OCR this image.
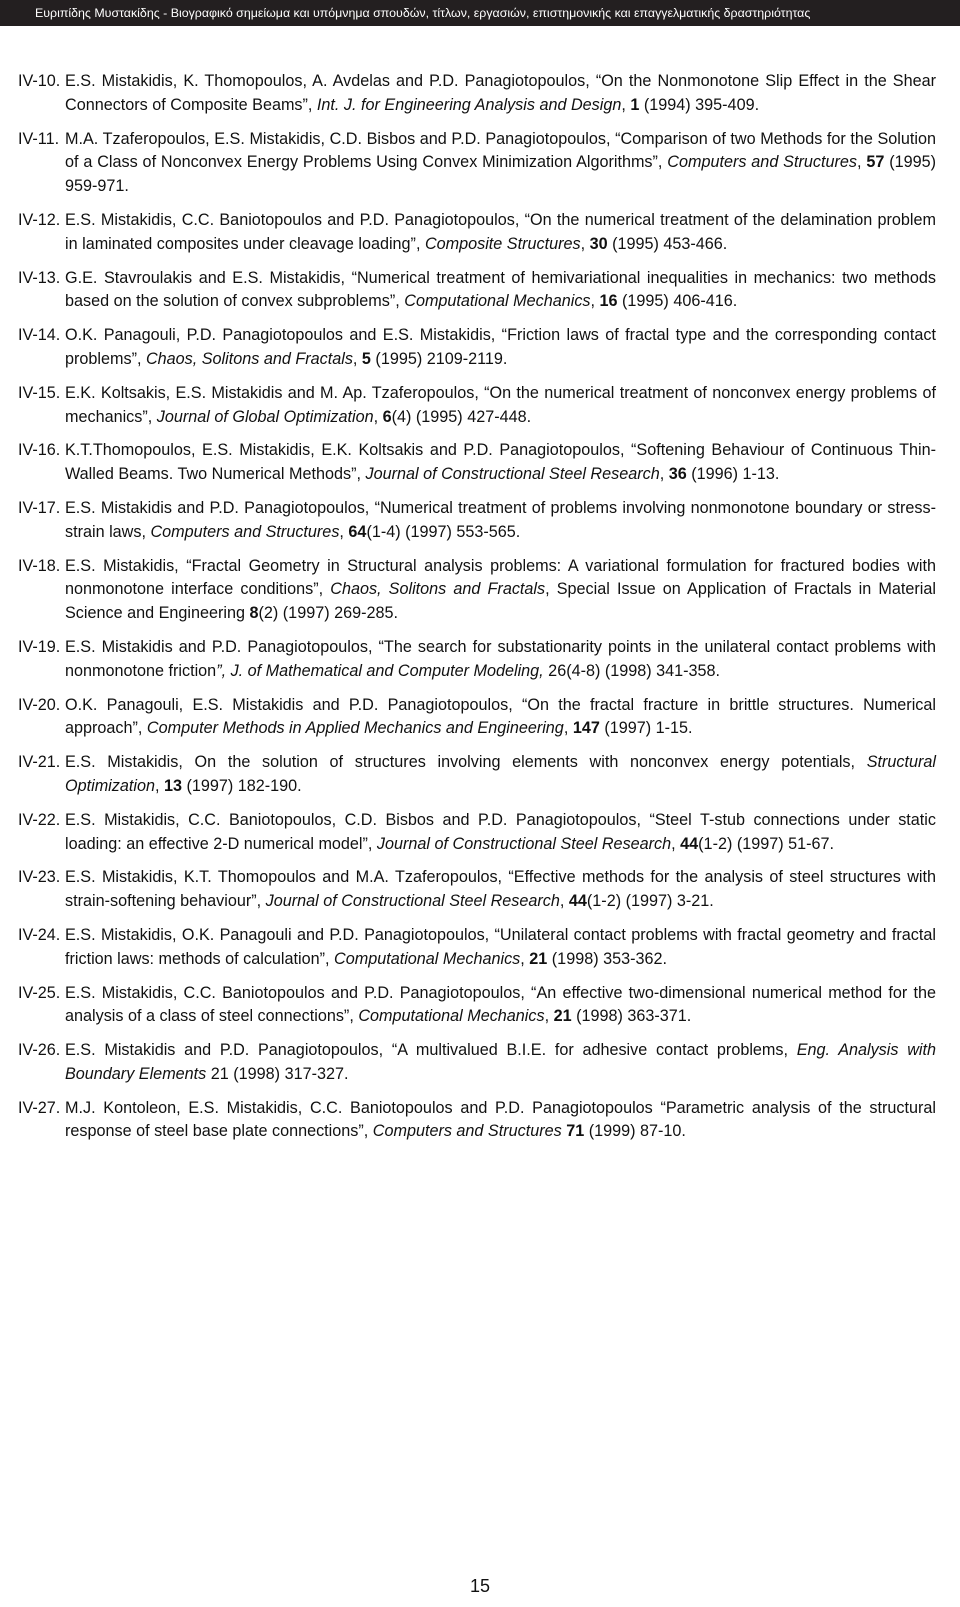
Ευριπίδης Μυστακίδης - Βιογραφικό σημείωμα και υπόμνημα σπουδών, τίτλων, εργασιών, επιστημονικής και επαγγελματικής δραστηριότητας
IV-10. E.S. Mistakidis, K. Thomopoulos, A. Avdelas and P.D. Panagiotopoulos, “On the Nonmonotone Slip Effect in the Shear Connectors of Composite Beams”, Int. J. for Engineering Analysis and Design, 1 (1994) 395-409.
IV-11. M.A. Tzaferopoulos, E.S. Mistakidis, C.D. Bisbos and P.D. Panagiotopoulos, “Comparison of two Methods for the Solution of a Class of Nonconvex Energy Problems Using Convex Minimization Algorithms”, Computers and Structures, 57 (1995) 959-971.
IV-12. E.S. Mistakidis, C.C. Baniotopoulos and P.D. Panagiotopoulos, “On the numerical treatment of the delamination problem in laminated composites under cleavage loading”, Composite Structures, 30 (1995) 453-466.
IV-13. G.E. Stavroulakis and E.S. Mistakidis, “Numerical treatment of hemivariational inequalities in mechanics: two methods based on the solution of convex subproblems”, Computational Mechanics, 16 (1995) 406-416.
IV-14. O.K. Panagouli, P.D. Panagiotopoulos and E.S. Mistakidis, “Friction laws of fractal type and the corresponding contact problems”, Chaos, Solitons and Fractals, 5 (1995) 2109-2119.
IV-15. E.K. Koltsakis, E.S. Mistakidis and M. Ap. Tzaferopoulos, “On the numerical treatment of nonconvex energy problems of mechanics”, Journal of Global Optimization, 6(4) (1995) 427-448.
IV-16. K.T.Thomopoulos, E.S. Mistakidis, E.K. Koltsakis and P.D. Panagiotopoulos, “Softening Behaviour of Continuous Thin-Walled Beams. Two Numerical Methods”, Journal of Constructional Steel Research, 36 (1996) 1-13.
IV-17. E.S. Mistakidis and P.D. Panagiotopoulos, “Numerical treatment of problems involving nonmonotone boundary or stress-strain laws, Computers and Structures, 64(1-4) (1997) 553-565.
IV-18. E.S. Mistakidis, “Fractal Geometry in Structural analysis problems: A variational formulation for fractured bodies with nonmonotone interface conditions”, Chaos, Solitons and Fractals, Special Issue on Application of Fractals in Material Science and Engineering 8(2) (1997) 269-285.
IV-19. E.S. Mistakidis and P.D. Panagiotopoulos, “The search for substationarity points in the unilateral contact problems with nonmonotone friction”, J. of Mathematical and Computer Modeling, 26(4-8) (1998) 341-358.
IV-20. O.K. Panagouli, E.S. Mistakidis and P.D. Panagiotopoulos, “On the fractal fracture in brittle structures. Numerical approach”, Computer Methods in Applied Mechanics and Engineering, 147 (1997) 1-15.
IV-21. E.S. Mistakidis, On the solution of structures involving elements with nonconvex energy potentials, Structural Optimization, 13 (1997) 182-190.
IV-22. E.S. Mistakidis, C.C. Baniotopoulos, C.D. Bisbos and P.D. Panagiotopoulos, “Steel T-stub connections under static loading: an effective 2-D numerical model”, Journal of Constructional Steel Research, 44(1-2) (1997) 51-67.
IV-23. E.S. Mistakidis, K.T. Thomopoulos and M.A. Tzaferopoulos, “Effective methods for the analysis of steel structures with strain-softening behaviour”, Journal of Constructional Steel Research, 44(1-2) (1997) 3-21.
IV-24. E.S. Mistakidis, O.K. Panagouli and P.D. Panagiotopoulos, “Unilateral contact problems with fractal geometry and fractal friction laws: methods of calculation”, Computational Mechanics, 21 (1998) 353-362.
IV-25. E.S. Mistakidis, C.C. Baniotopoulos and P.D. Panagiotopoulos, “An effective two-dimensional numerical method for the analysis of a class of steel connections”, Computational Mechanics, 21 (1998) 363-371.
IV-26. E.S. Mistakidis and P.D. Panagiotopoulos, “A multivalued B.I.E. for adhesive contact problems, Eng. Analysis with Boundary Elements 21 (1998) 317-327.
IV-27. M.J. Kontoleon, E.S. Mistakidis, C.C. Baniotopoulos and P.D. Panagiotopoulos “Parametric analysis of the structural response of steel base plate connections”, Computers and Structures 71 (1999) 87-10.
15
